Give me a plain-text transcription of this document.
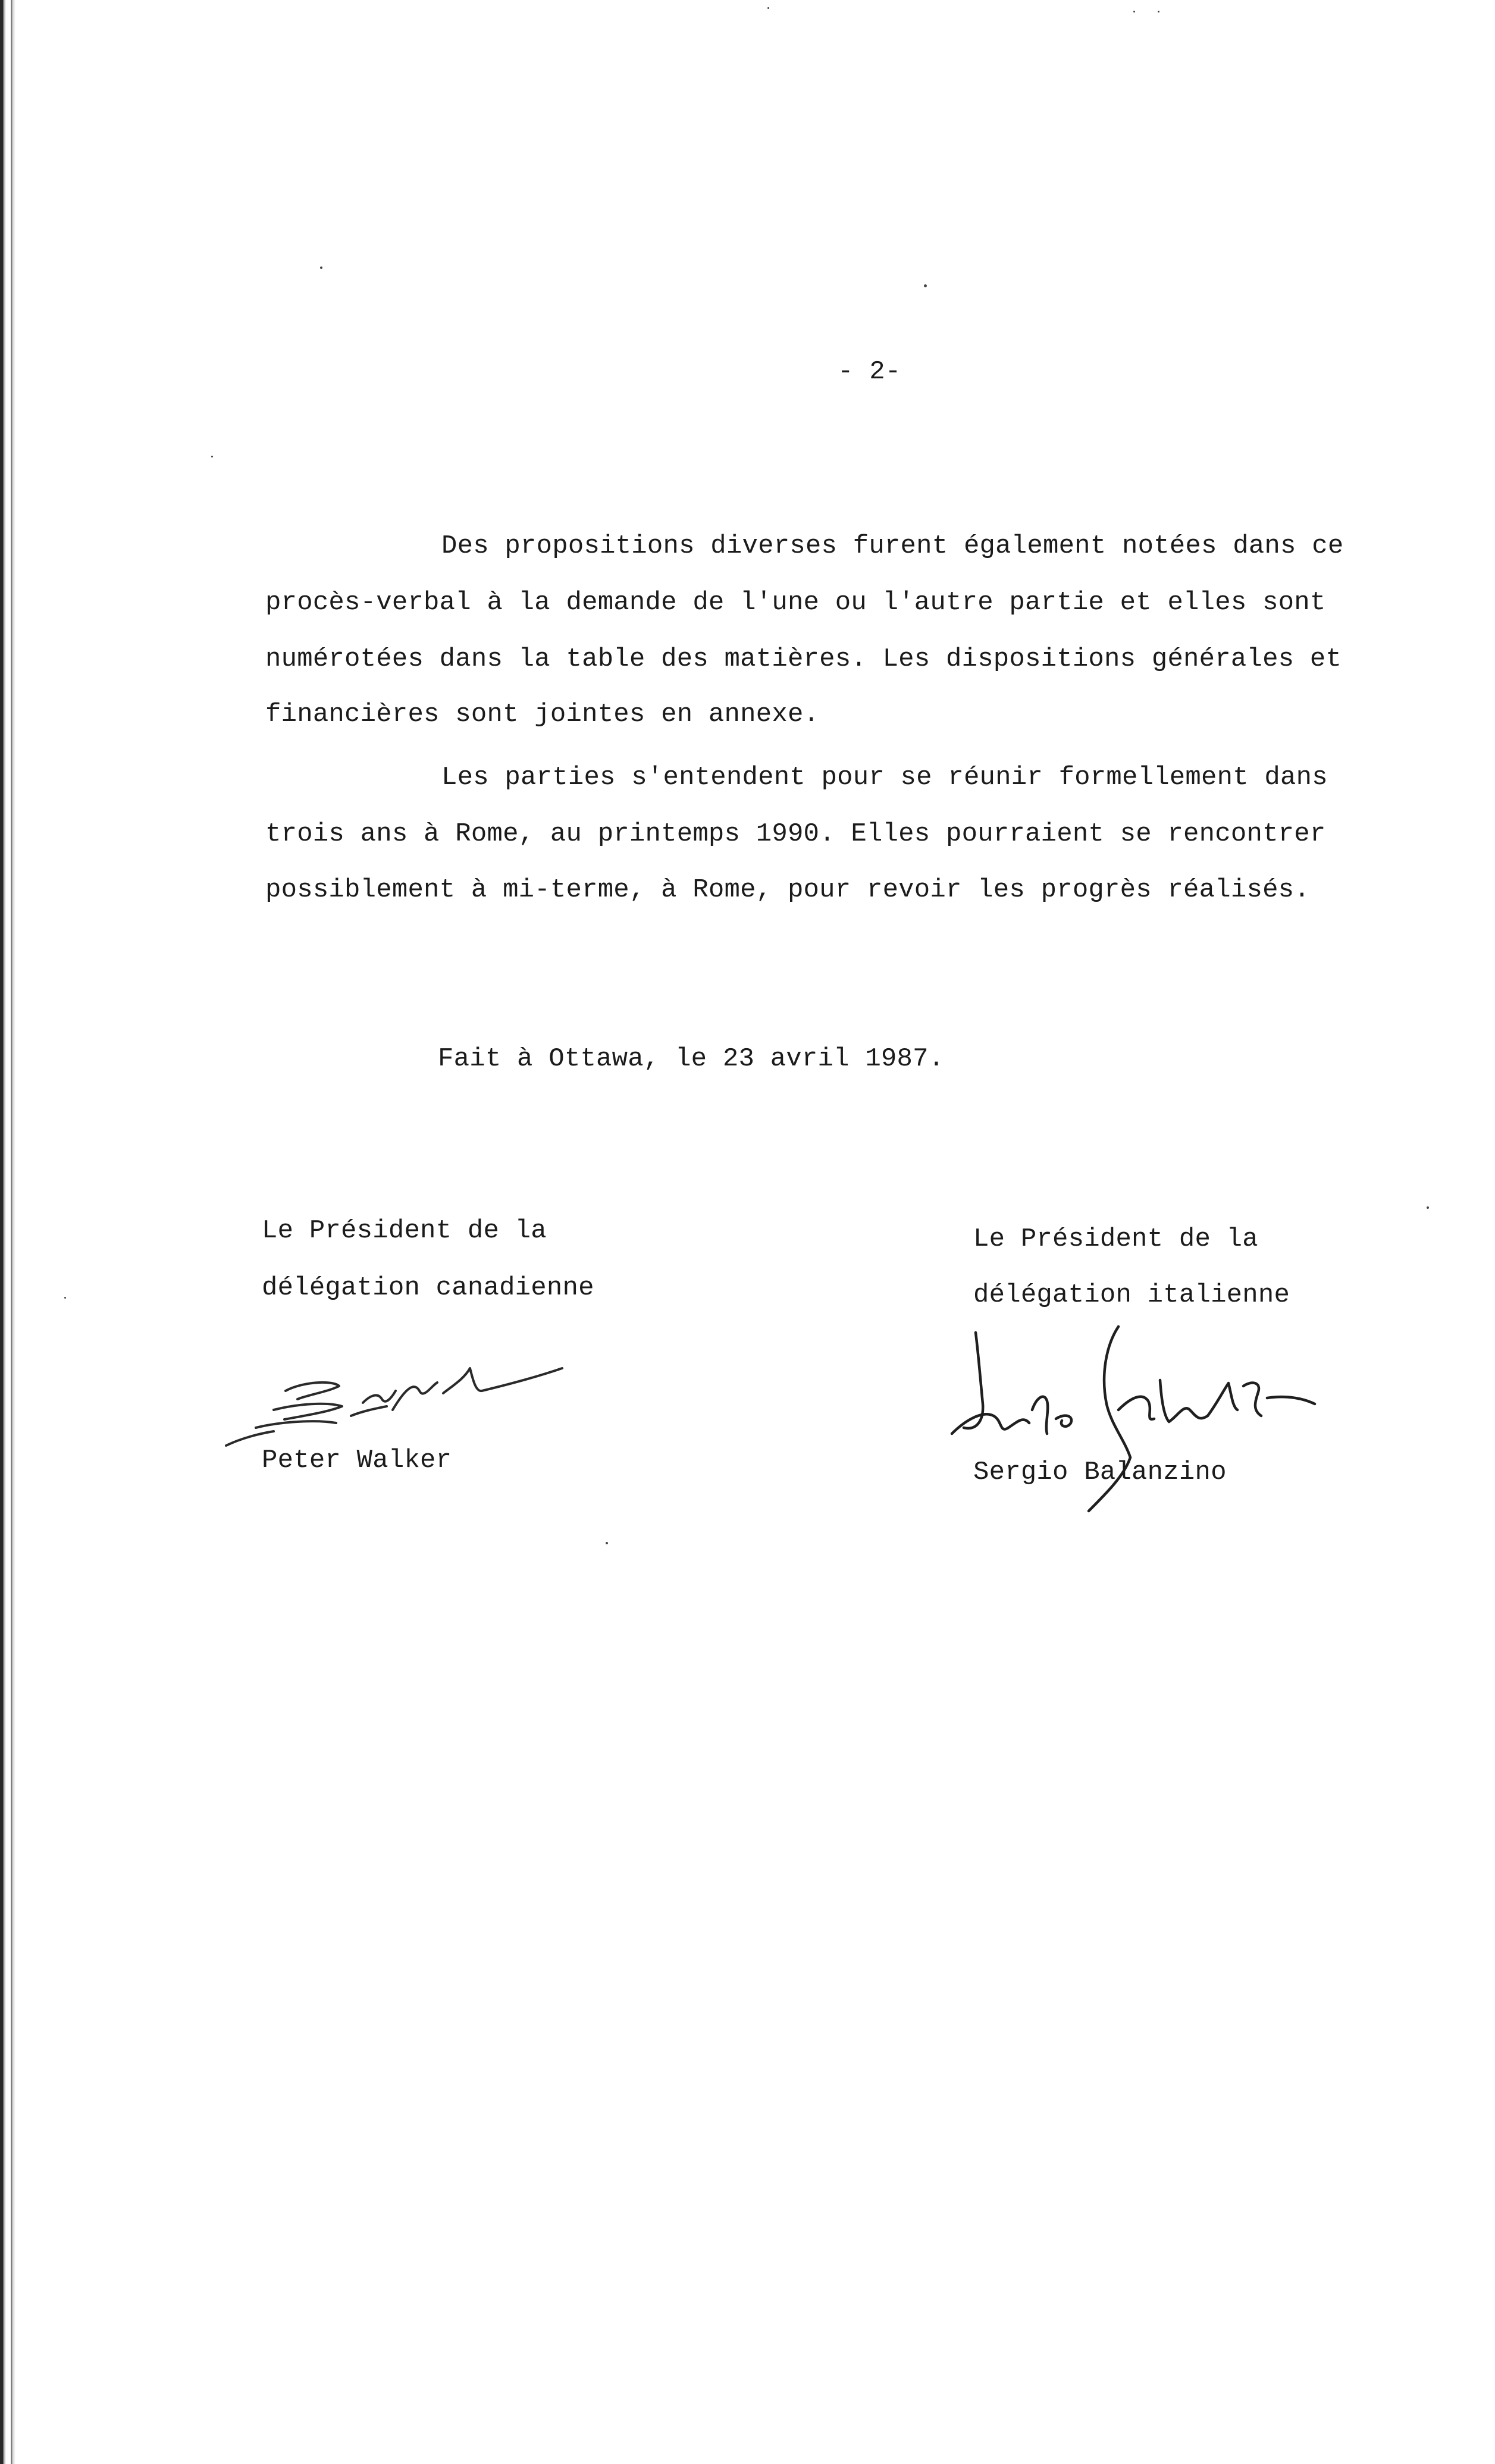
- 2-
Des propositions diverses furent également notées dans ce
procès-verbal à la demande de l'une ou l'autre partie et elles sont
numérotées dans la table des matières. Les dispositions générales et
financières sont jointes en annexe.
Les parties s'entendent pour se réunir formellement dans
trois ans à Rome, au printemps 1990. Elles pourraient se rencontrer
possiblement à mi-terme, à Rome, pour revoir les progrès réalisés.
Fait à Ottawa, le 23 avril 1987.
Le Président de la
délégation canadienne
Peter Walker
Le Président de la
délégation italienne
Sergio Balanzino
